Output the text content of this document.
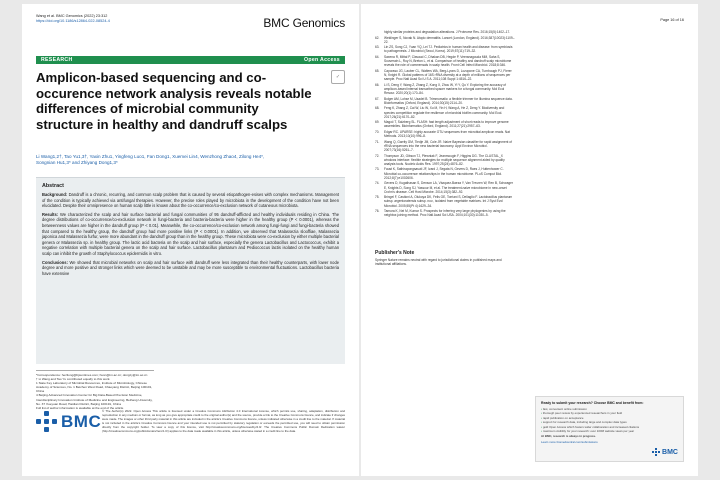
Wang et al. BMC Genomics (2022) 23:312
https://doi.org/10.1186/s12864-022-08524-4	BMC Genomics
RESEARCH	Open Access
Amplicon-based sequencing and co-occurence network analysis reveals notable differences of microbial community structure in healthy and dandruff scalps
✓
Li Wang1,2†, Tao Yu1,3†, Yaxin Zhu1, Yingfeng Luo1, Fan Dong1, Xuemei Lin4, Wenzhong Zhao4, Zilong He4*, Songnian Hu1,3* and Zhiyang Dong1,3*
Abstract

Background: Dandruff is a chronic, recurring, and common scalp problem that is caused by several etiopathogen-esises with complex mechanisms. Management of the condition is typically achieved via antifungal therapies. However, the precise roles played by microbiota in the development of the condition have not been elucidated. Despite their omnipresence on human scalp little is known about the co-occurrence/co-exclusion network of cutaneous microbiota.

Results: We characterized the scalp and hair surface bacterial and fungal communities of 95 dandruff-afflicted and healthy individuals residing in China. The degree distributions of co-occurrence/co-exclusion network in fungi-bacteria and bacteria-bacteria were higher in the healthy group (P < 0.0001), whereas the betweenness values are higher in the dandruff group (P < 0.01). Meanwhile, the co-occurrence/co-exclusion network among fungi-fungi and fungi-bacteria showed that compared to the healthy group, the dandruff group had more positive links (P < 0.0001). In addition, we observed that Malassezia slooffiae, Malassezia japonica and Malassezia furfur, were more abundant in the dandruff group than in the healthy group. These microbiota were co-exclusion by either multiple bacterial genera or Malassezia sp. in healthy group. The lactic acid bacteria on the scalp and hair surface, especially the genera Lactobacillus and Lactococcus, exhibit a negative correlation with multiple bacterial genera on the scalp and hair surface. Lactobacillus plantarum and Pediococcus lactis isolated on the healthy human scalp can inhibit the growth of Staphylococcus epidermidis in vitro.

Conclusions: We showed that microbial networks on scalp and hair surface with dandruff were less integrated than their healthy counterparts, with lower node degree and more positive and stronger links which were deemed to be unstable and may be more susceptible to environmental fluctuations. Lactobacillus bacteria have extensive

*Correspondence: hezilong@bjsuntimes.com; husn@im.ac.cn; dongzy@im.ac.cn
† Li Wang and Tao Yu contributed equally to this work.
1 State Key Laboratory of Microbial Resources, Institute of Microbiology, Chinese Academy of Sciences, No. 1 Beichen West Road, Chaoyang District, Beijing 100101, China
4 Beijing Advanced Innovation Center for Big Data-Based Precision Medicine, Interdisciplinary Innovation Institute of Medicine and Engineering, Beihang University, No. 37 Xueyuan Road, Haidian District, Beijing 100191, China
Full list of author information is available at the end of the article
BMC
© The Author(s) 2022. Open Access This article is licensed under a Creative Commons Attribution 4.0 International License, which permits use, sharing, adaptation, distribution and reproduction in any medium or format, as long as you give appropriate credit to the original author(s) and the source, provide a link to the Creative Commons licence, and indicate if changes were made. The images or other third party material in this article are included in the article's Creative Commons licence, unless indicated otherwise in a credit line to the material. If material is not included in the article's Creative Commons licence and your intended use is not permitted by statutory regulation or exceeds the permitted use, you will need to obtain permission directly from the copyright holder. To view a copy of this licence, visit http://creativecommons.org/licenses/by/4.0/. The Creative Commons Public Domain Dedication waiver (http://creativecommons.org/publicdomain/zero/1.0/) applies to the data made available in this article, unless otherwise stated in a credit line to the data.
Page 16 of 16
highly similar proteins and degradation alterations. J Proteome Res. 2016;15(5):1402–17.
62.	Weidinger S, Novak N. Atopic dermatitis. Lancet (London, England). 2016;387(10023):1109–22.
63.	Lin ZS, Song CJ, Yuan YQ, Lei TJ. Pediatrics in human health and disease: from symbiosis to pathogenesis. J Microbiol (Seoul, Korea). 2019;57(11):719–32.
64.	Saxena R, Mittal P, Clavaud C, Dhakan DB, Hegde P, Veeranagouda MM, Saha S, Souverain L, Roy N, Breton L, et al. Comparison of healthy and dandruff scalp microbiome reveals the role of commensals in scalp health. Front Cell Infect Microbiol. 2018;8:346.
65.	Caporaso JG, Lauber CL, Walters WA, Berg-Lyons D, Lozupone CA, Turnbaugh PJ, Fierer N, Knight R. Global patterns of 16S rRNA diversity at a depth of millions of sequences per sample. Proc Natl Acad Sci U S A. 2011;108 Suppl 1:4516–22.
66.	Li S, Deng Y, Wang Z, Zhang Z, Kong X, Zhou W, Yi Y, Qu Y. Exploring the accuracy of amplicon-based internal transcribed spacer markers for a fungal community. Mol Ecol Resour. 2020;20(1):170–84.
67.	Bolger AM, Lohse M, Usadel B. Trimmomatic: a flexible trimmer for Illumina sequence data. Bioinformatics (Oxford, England). 2014;30(15):2114–20.
68.	Feng K, Zhang Z, Cai W, Liu W, Xu M, Yin H, Wang A, He Z, Deng Y. Biodiversity and species competition regulate the resilience of microbial biofilm community. Mol Ecol. 2017;26(21):6170–82.
69.	Magoč T, Salzberg SL. FLASH: fast length adjustment of short reads to improve genome assemblies. Bioinformatics (Oxford, England). 2011;27(21):2957–63.
70.	Edgar RC. UPARSE: highly accurate OTU sequences from microbial amplicon reads. Nat Methods. 2013;10(10):996–8.
71.	Wang Q, Garrity GM, Tiedje JM, Cole JR. Naive Bayesian classifier for rapid assignment of rRNA sequences into the new bacterial taxonomy. Appl Environ Microbiol. 2007;73(16):5261–7.
72.	Thompson JD, Gibson TJ, Plewniak F, Jeanmougin F, Higgins DG. The CLUSTAL_X windows interface: flexible strategies for multiple sequence alignment aided by quality analysis tools. Nucleic Acids Res. 1997;25(24):4876–82.
73.	Faust K, Sathirapongsasuti JF, Izard J, Segata N, Gevers D, Raes J, Huttenhower C. Microbial co-occurrence relationships in the human microbiome. PLoS Comput Biol. 2012;8(7):e1002606.
74.	Gevers D, Kugathasan S, Denson LA, Vázquez-Baeza Y, Van Treuren W, Ren B, Schwager E, Knights D, Song SJ, Yassour M, et al. The treatment-naive microbiome in new-onset Crohn's disease. Cell Host Microbe. 2014;15(3):382–92.
75.	Bringel F, Castioni A, Olukoya DK, Felis GE, Torriani S, Dellaglio F. Lactobacillus plantarum subsp. argentoratensis subsp. nov., isolated from vegetable matrices. Int J Syst Evol Microbiol. 2005;55(Pt 4):1629–34.
76.	Tamura K, Nei M, Kumar S. Prospects for inferring very large phylogenies by using the neighbor-joining method. Proc Natl Acad Sci USA. 2004;101(30):11030–5.
Publisher's Note
Springer Nature remains neutral with regard to jurisdictional claims in published maps and institutional affiliations.
Ready to submit your research? Choose BMC and benefit from:
• fast, convenient online submission
• thorough peer review by experienced researchers in your field
• rapid publication on acceptance
• support for research data, including large and complex data types
• gold Open Access which fosters wider collaboration and increased citations
• maximum visibility for your research: over 100M website views per year
At BMC, research is always in progress.
Learn more biomedcentral.com/submissions
BMC
